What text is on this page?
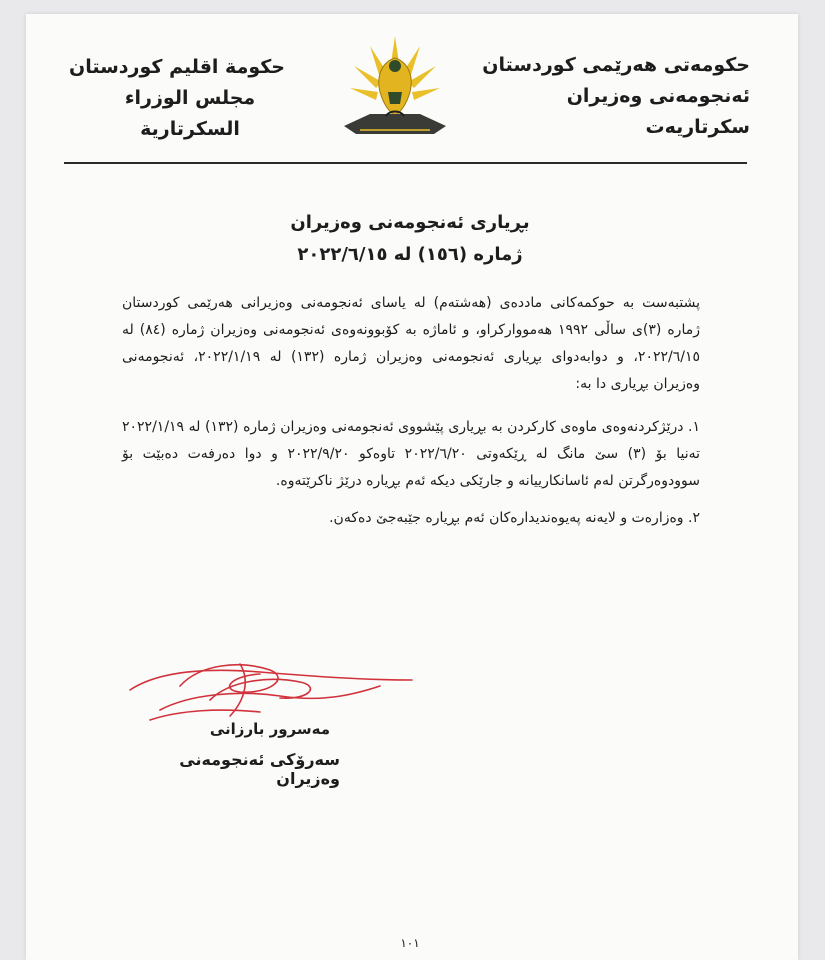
حکومەتی هەرێمی کوردستان
ئەنجومەنی وەزیران
سکرتاریەت
حكومة اقليم كوردستان
مجلس الوزراء
السكرتارية
بڕیاری ئەنجومەنی وەزیران
ژمارە (١٥٦) لە ٢٠٢٢/٦/١٥
پشتبەست بە حوکمەکانی ماددەی (هەشتەم) لە یاسای ئەنجومەنی وەزیرانی هەرێمی کوردستان ژمارە (٣)ی ساڵی ١٩٩٢ هەمووارکراو، و ئاماژە بە کۆبوونەوەی ئەنجومەنی وەزیران ژمارە (٨٤) لە ٢٠٢٢/٦/١٥، و دوابەدوای بڕیاری ئەنجومەنی وەزیران ژمارە (١٣٢) لە ٢٠٢٢/١/١٩، ئەنجومەنی وەزیران بڕیاری دا بە:
١. درێژکردنەوەی ماوەی کارکردن بە بڕیاری پێشووی ئەنجومەنی وەزیران ژمارە (١٣٢) لە ٢٠٢٢/١/١٩ تەنیا بۆ (٣) سێ مانگ لە ڕێکەوتی ٢٠٢٢/٦/٢٠ تاوەکو ٢٠٢٢/٩/٢٠ و دوا دەرفەت دەبێت بۆ سوودوەرگرتن لەم ئاسانکارییانە و جارێکی دیکە ئەم بڕیارە درێژ ناکرێتەوە.
٢. وەزارەت و لایەنە پەیوەندیدارەکان ئەم بڕیارە جێبەجێ دەکەن.
مەسرور بارزانی
سەرۆکی ئەنجومەنی وەزیران
١٠١
